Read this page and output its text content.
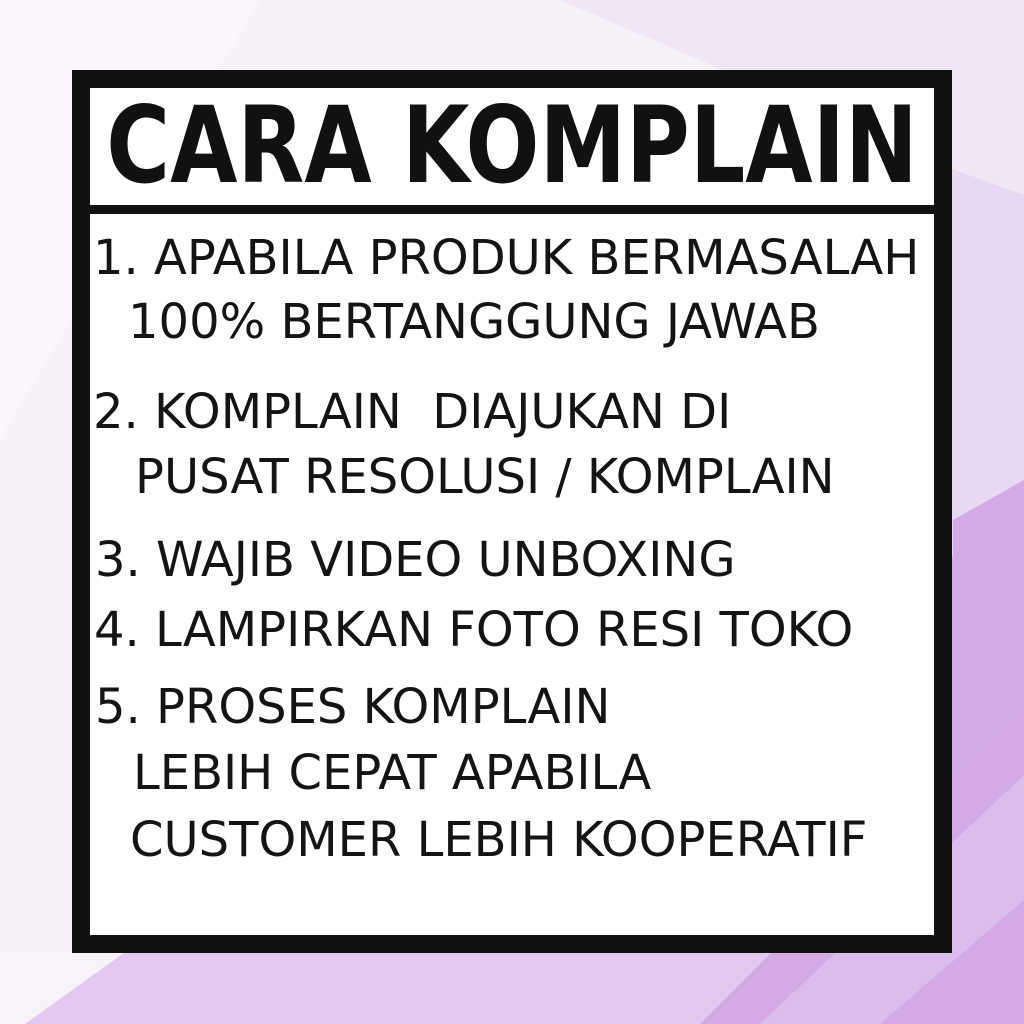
CARA KOMPLAIN
1. APABILA PRODUK BERMASALAH
100% BERTANGGUNG JAWAB
2. KOMPLAIN  DIAJUKAN DI
PUSAT RESOLUSI / KOMPLAIN
3. WAJIB VIDEO UNBOXING
4. LAMPIRKAN FOTO RESI TOKO
5. PROSES KOMPLAIN
LEBIH CEPAT APABILA
CUSTOMER LEBIH KOOPERATIF
